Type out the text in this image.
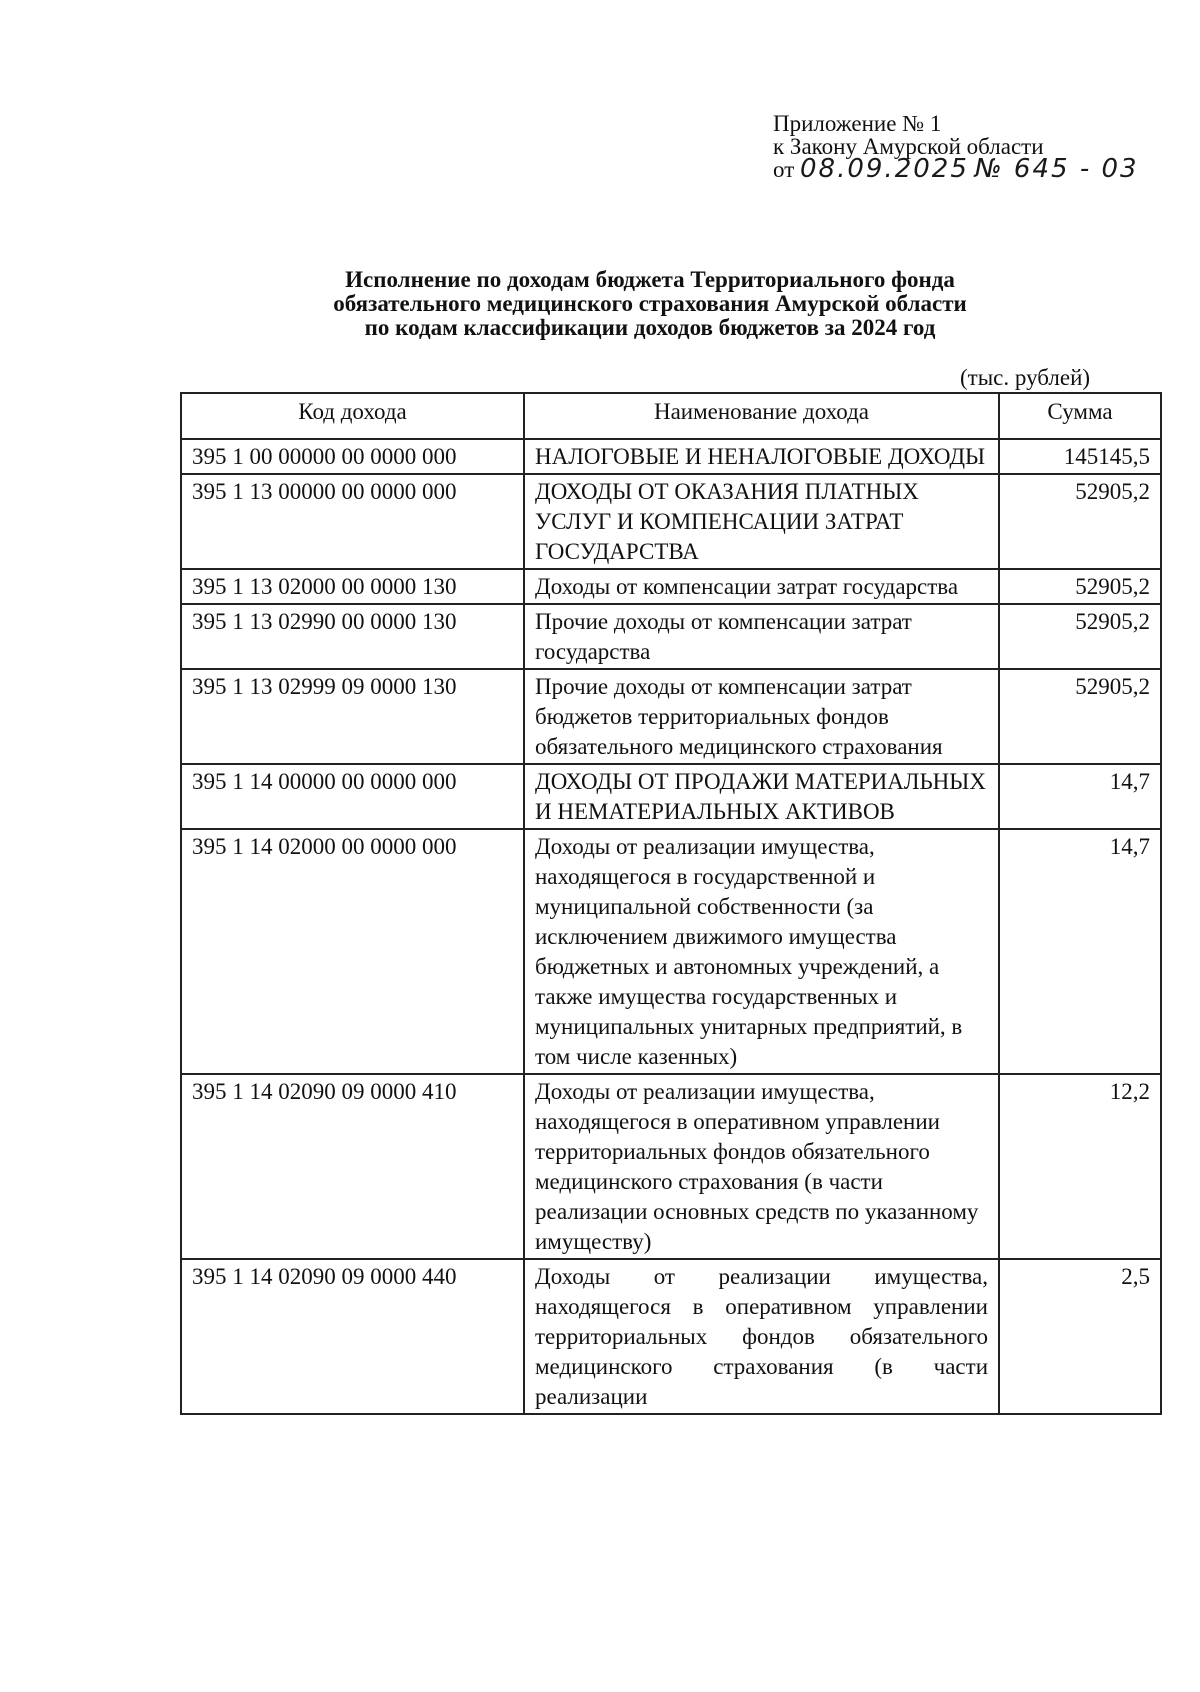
Приложение № 1
к Закону Амурской области
от 08.09.2025 № 645 - 03
Исполнение по доходам бюджета Территориального фонда
обязательного медицинского страхования Амурской области
по кодам классификации доходов бюджетов за 2024 год
(тыс. рублей)
Код дохода	Наименование дохода	Сумма
395 1 00 00000 00 0000 000	НАЛОГОВЫЕ И НЕНАЛОГОВЫЕ ДОХОДЫ	145145,5
395 1 13 00000 00 0000 000	ДОХОДЫ ОТ ОКАЗАНИЯ ПЛАТНЫХ УСЛУГ И КОМПЕНСАЦИИ ЗАТРАТ ГОСУДАРСТВА	52905,2
395 1 13 02000 00 0000 130	Доходы от компенсации затрат государства	52905,2
395 1 13 02990 00 0000 130	Прочие доходы от компенсации затрат государства	52905,2
395 1 13 02999 09 0000 130	Прочие доходы от компенсации затрат бюджетов территориальных фондов обязательного медицинского страхования	52905,2
395 1 14 00000 00 0000 000	ДОХОДЫ ОТ ПРОДАЖИ МАТЕРИАЛЬНЫХ И НЕМАТЕРИАЛЬНЫХ АКТИВОВ	14,7
395 1 14 02000 00 0000 000	Доходы от реализации имущества, находящегося в государственной и муниципальной собственности (за исключением движимого имущества бюджетных и автономных учреждений, а также имущества государственных и муниципальных унитарных предприятий, в том числе казенных)	14,7
395 1 14 02090 09 0000 410	Доходы от реализации имущества, находящегося в оперативном управлении территориальных фондов обязательного медицинского страхования (в части реализации основных средств по указанному имуществу)	12,2
395 1 14 02090 09 0000 440	Доходы от реализации имущества, находящегося в оперативном управлении территориальных фондов обязательного медицинского страхования (в части реализации	2,5
